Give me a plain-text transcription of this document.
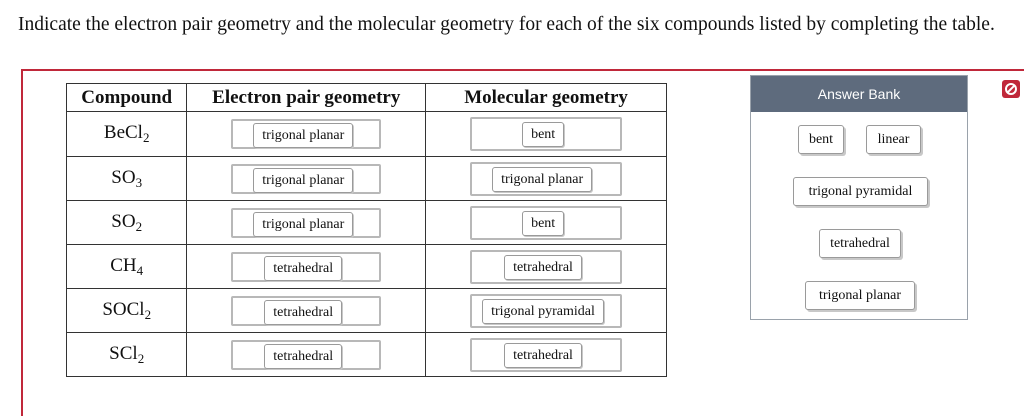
Indicate the electron pair geometry and the molecular geometry for each of the six compounds listed by completing the table.
Compound	Electron pair geometry	Molecular geometry
BeCl$_2$	trigonal planar	bent

$SO_3$	trigonal planar	trigonal planar

$SO_2$	trigonal planar	bent

$CH_4$	tetrahedral	tetrahedral

SOCl$_2$	tetrahedral	trigonal pyramidal

SCl$_2$	tetrahedral	tetrahedral
Answer Bank
bent	linear
trigonal pyramidal
tetrahedral
trigonal planar
